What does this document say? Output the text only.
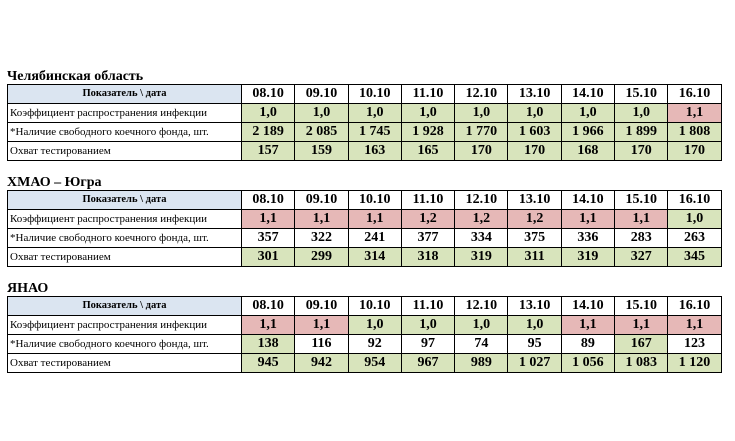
Челябинская область

Показатель \ дата	08.10	09.10	10.10	11.10	12.10	13.10	14.10	15.10	16.10
Коэффициент распространения инфекции	1,0	1,0	1,0	1,0	1,0	1,0	1,0	1,0	1,1
*Наличие свободного коечного фонда, шт.	2 189	2 085	1 745	1 928	1 770	1 603	1 966	1 899	1 808
Охват тестированием	157	159	163	165	170	170	168	170	170

ХМАО – Югра

Показатель \ дата	08.10	09.10	10.10	11.10	12.10	13.10	14.10	15.10	16.10
Коэффициент распространения инфекции	1,1	1,1	1,1	1,2	1,2	1,2	1,1	1,1	1,0
*Наличие свободного коечного фонда, шт.	357	322	241	377	334	375	336	283	263
Охват тестированием	301	299	314	318	319	311	319	327	345

ЯНАО

Показатель \ дата	08.10	09.10	10.10	11.10	12.10	13.10	14.10	15.10	16.10
Коэффициент распространения инфекции	1,1	1,1	1,0	1,0	1,0	1,0	1,1	1,1	1,1
*Наличие свободного коечного фонда, шт.	138	116	92	97	74	95	89	167	123
Охват тестированием	945	942	954	967	989	1 027	1 056	1 083	1 120
